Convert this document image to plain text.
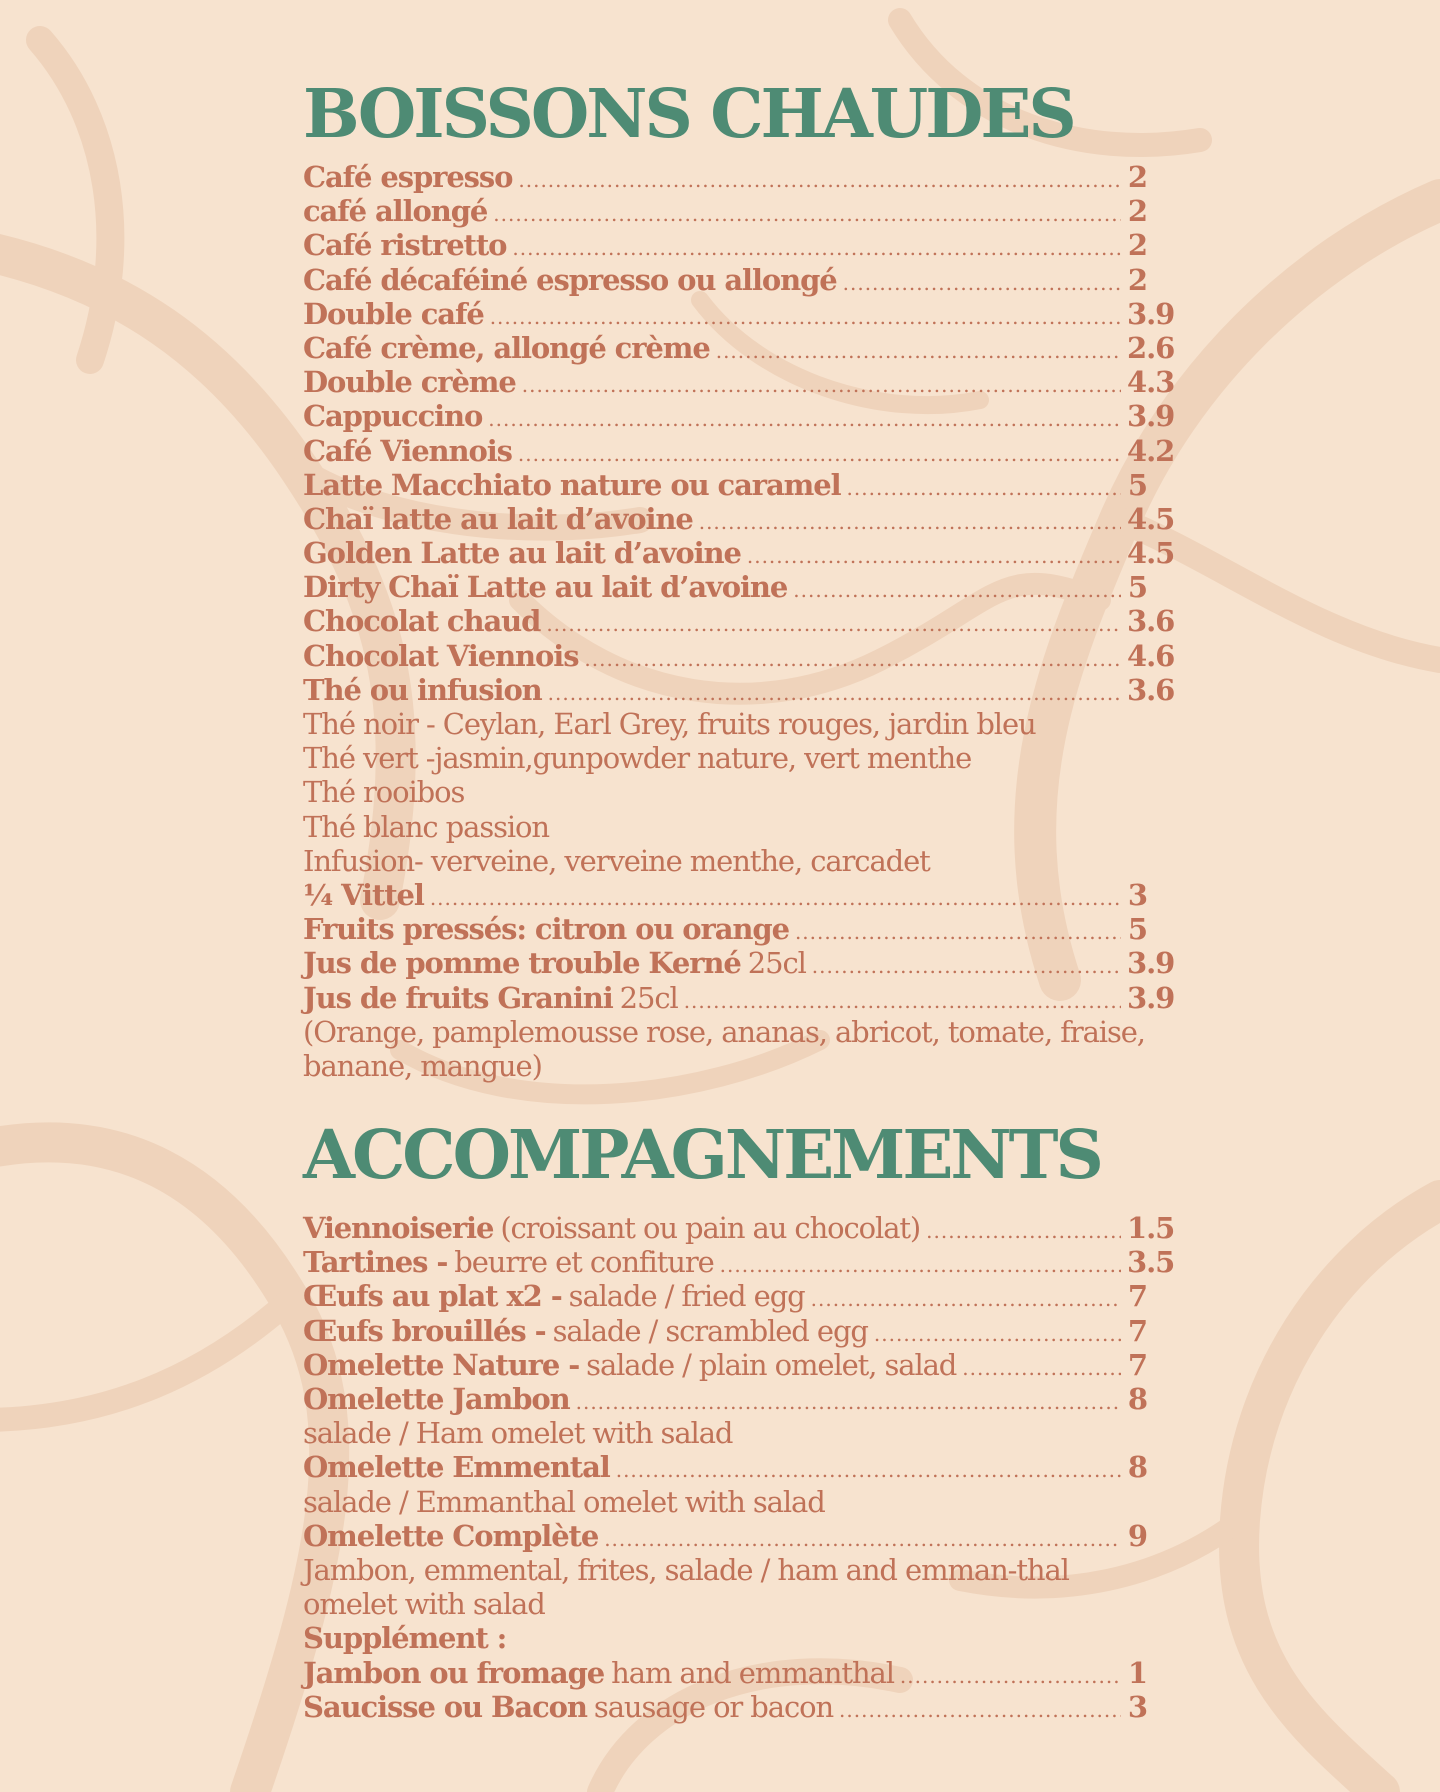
BOISSONS CHAUDES
Café espresso .....	2
café allongé .....	2
Café ristretto .....	2
Café décaféiné espresso ou allongé .....	2
Double café .....	3.9
Café crème, allongé crème .....	2.6
Double crème .....	4.3
Cappuccino .....	3.9
Café Viennois .....	4.2
Latte Macchiato nature ou caramel .....	5
Chaï latte au lait d’avoine .....	4.5
Golden Latte au lait d’avoine .....	4.5
Dirty Chaï Latte au lait d’avoine .....	5
Chocolat chaud .....	3.6
Chocolat Viennois .....	4.6
Thé ou infusion .....	3.6
Thé noir - Ceylan, Earl Grey, fruits rouges, jardin bleu
Thé vert -jasmin,gunpowder nature, vert menthe
Thé rooibos
Thé blanc passion
Infusion- verveine, verveine menthe, carcadet
¼ Vittel .....	3
Fruits pressés: citron ou orange .....	5
Jus de pomme trouble Kerné 25cl .....	3.9
Jus de fruits Granini 25cl .....	3.9
(Orange, pamplemousse rose, ananas, abricot, tomate, fraise, banane, mangue)
ACCOMPAGNEMENTS
Viennoiserie (croissant ou pain au chocolat) .....	1.5
Tartines - beurre et confiture .....	3.5
Œufs au plat x2 - salade / fried egg .....	7
Œufs brouillés - salade / scrambled egg .....	7
Omelette Nature - salade / plain omelet, salad .....	7
Omelette Jambon .....	8
salade / Ham omelet with salad
Omelette Emmental .....	8
salade / Emmanthal omelet with salad
Omelette Complète .....	9
Jambon, emmental, frites, salade / ham and emman-thal omelet with salad
Supplément :
Jambon ou fromage ham and emmanthal .....	1
Saucisse ou Bacon sausage or bacon .....	3
